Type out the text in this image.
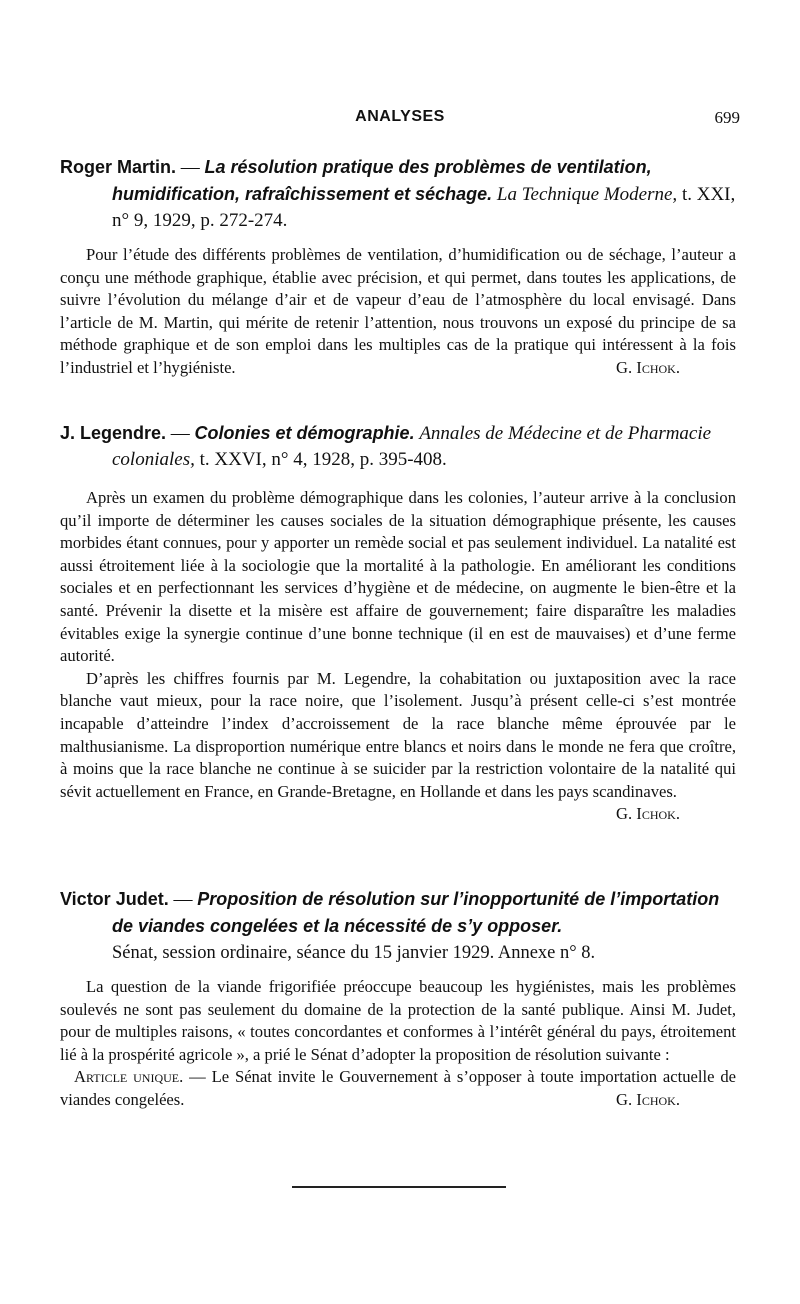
ANALYSES	699

Roger Martin. — La résolution pratique des problèmes de ventilation, humidification, rafraîchissement et séchage. La Technique Moderne, t. XXI, n° 9, 1929, p. 272-274.

Pour l’étude des différents problèmes de ventilation, d’humidification ou de séchage, l’auteur a conçu une méthode graphique, établie avec précision, et qui permet, dans toutes les applications, de suivre l’évolution du mélange d’air et de vapeur d’eau de l’atmosphère du local envisagé. Dans l’article de M. Martin, qui mérite de retenir l’attention, nous trouvons un exposé du principe de sa méthode graphique et de son emploi dans les multiples cas de la pratique qui intéressent à la fois l’industriel et l’hygiéniste.	G. Ichok.

J. Legendre. — Colonies et démographie. Annales de Médecine et de Pharmacie coloniales, t. XXVI, n° 4, 1928, p. 395-408.

Après un examen du problème démographique dans les colonies, l’auteur arrive à la conclusion qu’il importe de déterminer les causes sociales de la situation démographique présente, les causes morbides étant connues, pour y apporter un remède social et pas seulement individuel. La natalité est aussi étroitement liée à la sociologie que la mortalité à la pathologie. En améliorant les conditions sociales et en perfectionnant les services d’hygiène et de médecine, on augmente le bien-être et la santé. Prévenir la disette et la misère est affaire de gouvernement; faire disparaître les maladies évitables exige la synergie continue d’une bonne technique (il en est de mauvaises) et d’une ferme autorité.

D’après les chiffres fournis par M. Legendre, la cohabitation ou juxtaposition avec la race blanche vaut mieux, pour la race noire, que l’isolement. Jusqu’à présent celle-ci s’est montrée incapable d’atteindre l’index d’accroissement de la race blanche même éprouvée par le malthusianisme. La disproportion numérique entre blancs et noirs dans le monde ne fera que croître, à moins que la race blanche ne continue à se suicider par la restriction volontaire de la natalité qui sévit actuellement en France, en Grande-Bretagne, en Hollande et dans les pays scandinaves.
G. Ichok.

Victor Judet. — Proposition de résolution sur l’inopportunité de l’importation de viandes congelées et la nécessité de s’y opposer.

Sénat, session ordinaire, séance du 15 janvier 1929. Annexe n° 8.

La question de la viande frigorifiée préoccupe beaucoup les hygiénistes, mais les problèmes soulevés ne sont pas seulement du domaine de la protection de la santé publique. Ainsi M. Judet, pour de multiples raisons, « toutes concordantes et conformes à l’intérêt général du pays, étroitement lié à la prospérité agricole », a prié le Sénat d’adopter la proposition de résolution suivante :

Article unique. — Le Sénat invite le Gouvernement à s’opposer à toute importation actuelle de viandes congelées.	G. Ichok.
